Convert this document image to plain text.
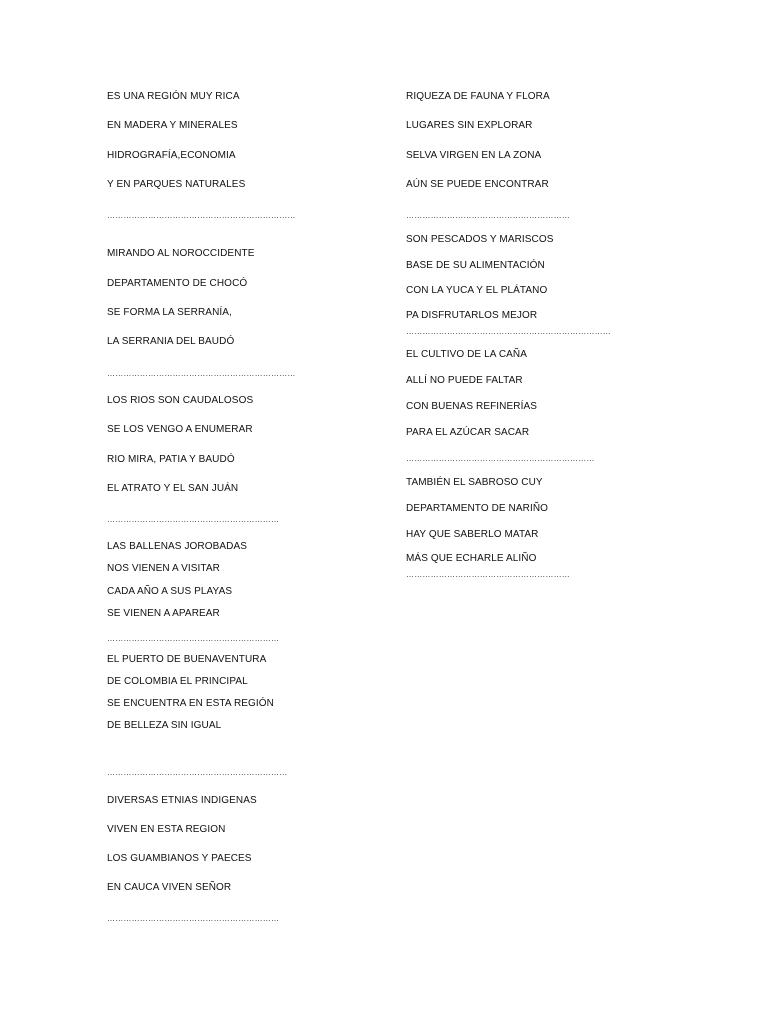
ES UNA REGIÓN MUY RICA
EN MADERA Y MINERALES
HIDROGRAFÍA,ECONOMIA
Y EN PARQUES NATURALES
……………………………………………………………
MIRANDO AL NOROCCIDENTE
DEPARTAMENTO DE CHOCÓ
SE FORMA LA SERRANÍA,
LA SERRANIA DEL BAUDÓ
……………………………………………………………
LOS RIOS SON CAUDALOSOS
SE LOS VENGO A ENUMERAR
RIO MIRA, PATIA Y BAUDÓ
EL ATRATO Y EL SAN JUÁN
………………………………………………………
LAS BALLENAS JOROBADAS
NOS VIENEN A VISITAR
CADA AÑO A SUS PLAYAS
SE VIENEN A APAREAR
………………………………………………………
EL PUERTO DE BUENAVENTURA
DE COLOMBIA EL PRINCIPAL
SE ENCUENTRA EN ESTA REGIÓN
DE BELLEZA SIN IGUAL
…………………………………………………………
DIVERSAS ETNIAS INDIGENAS
VIVEN EN ESTA REGION
LOS GUAMBIANOS Y PAECES
EN CAUCA VIVEN SEÑOR
………………………………………………………
RIQUEZA DE FAUNA Y FLORA
LUGARES SIN EXPLORAR
SELVA VIRGEN EN LA ZONA
AÚN SE PUEDE ENCONTRAR
……………………………………………………
SON PESCADOS Y MARISCOS
BASE DE SU ALIMENTACIÓN
CON LA YUCA Y EL PLÁTANO
PA DISFRUTARLOS MEJOR
…………………………………………………………………
EL CULTIVO DE LA CAÑA
ALLÍ NO PUEDE FALTAR
CON BUENAS REFINERÍAS
PARA EL AZÚCAR SACAR
……………………………………………………………
TAMBIÉN EL SABROSO CUY
DEPARTAMENTO DE NARIÑO
HAY QUE SABERLO MATAR
MÁS QUE ECHARLE ALIÑO
……………………………………………………
